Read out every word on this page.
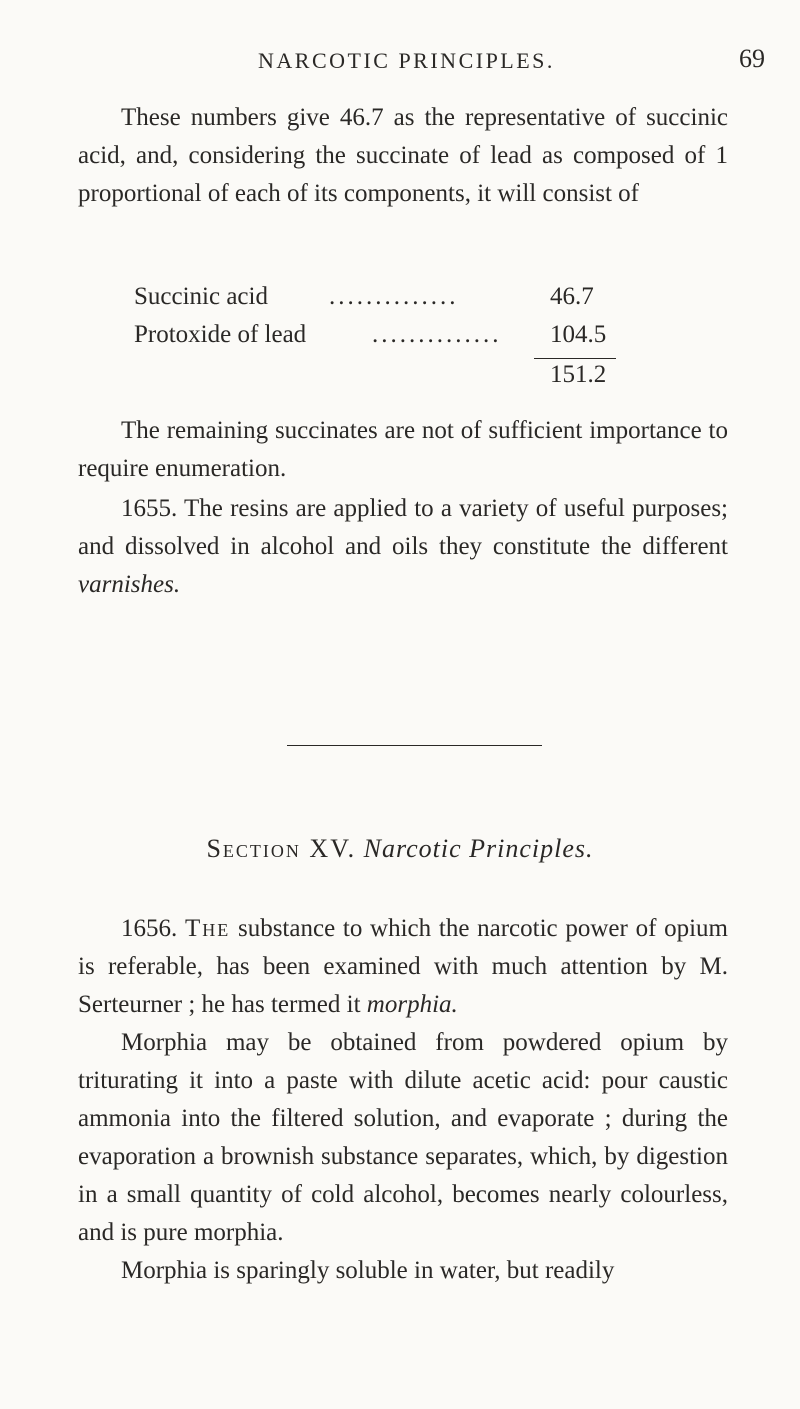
NARCOTIC PRINCIPLES.	69

These numbers give 46.7 as the representative of succinic acid, and, considering the succinate of lead as composed of 1 proportional of each of its components, it will consist of

..............
Succinic acid	46.7
..............
Protoxide of lead	104.5
151.2

The remaining succinates are not of sufficient importance to require enumeration.

1655. The resins are applied to a variety of useful purposes; and dissolved in alcohol and oils they constitute the different varnishes.

Section XV. Narcotic Principles.

1656. The substance to which the narcotic power of opium is referable, has been examined with much attention by M. Serteurner ; he has termed it morphia.

Morphia may be obtained from powdered opium by triturating it into a paste with dilute acetic acid: pour caustic ammonia into the filtered solution, and evaporate ; during the evaporation a brownish substance separates, which, by digestion in a small quantity of cold alcohol, becomes nearly colourless, and is pure morphia.

Morphia is sparingly soluble in water, but readily
